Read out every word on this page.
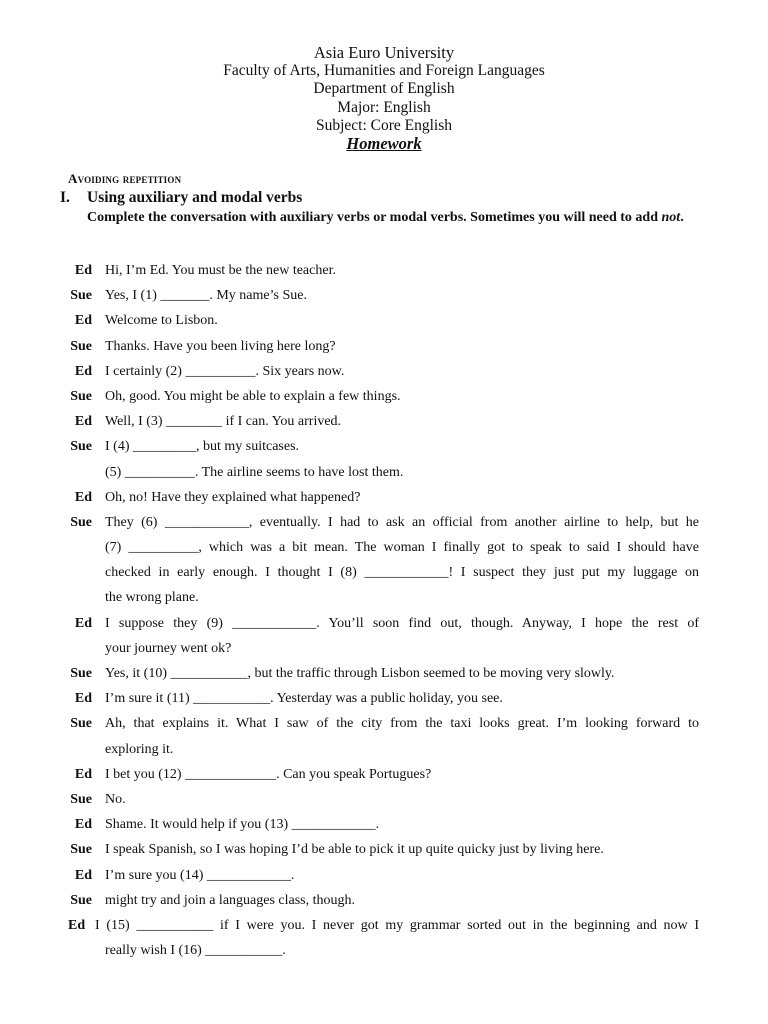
Asia Euro University
Faculty of Arts, Humanities and Foreign Languages
Department of English
Major: English
Subject: Core English
Homework
Avoiding repetition
I. Using auxiliary and modal verbs
Complete the conversation with auxiliary verbs or modal verbs. Sometimes you will need to add not.
Ed Hi, I’m Ed. You must be the new teacher.
Sue Yes, I (1) _______. My name’s Sue.
Ed Welcome to Lisbon.
Sue Thanks. Have you been living here long?
Ed I certainly (2) __________. Six years now.
Sue Oh, good. You might be able to explain a few things.
Ed Well, I (3) ________ if I can. You arrived.
Sue I (4) _________, but my suitcases.
(5) __________. The airline seems to have lost them.
Ed Oh, no! Have they explained what happened?
Sue They (6) ____________, eventually. I had to ask an official from another airline to help, but he
(7) __________, which was a bit mean. The woman I finally got to speak to said I should have
checked in early enough. I thought I (8) ____________! I suspect they just put my luggage on
the wrong plane.
Ed I suppose they (9) ____________. You’ll soon find out, though. Anyway, I hope the rest of
your journey went ok?
Sue Yes, it (10) ___________, but the traffic through Lisbon seemed to be moving very slowly.
Ed I’m sure it (11) ___________. Yesterday was a public holiday, you see.
Sue Ah, that explains it. What I saw of the city from the taxi looks great. I’m looking forward to
exploring it.
Ed I bet you (12) _____________. Can you speak Portugues?
Sue No.
Ed Shame. It would help if you (13) ____________.
Sue I speak Spanish, so I was hoping I’d be able to pick it up quite quicky just by living here.
Ed I’m sure you (14) ____________.
Sue might try and join a languages class, though.
Ed I (15) ___________ if I were you. I never got my grammar sorted out in the beginning and now I
really wish I (16) ___________.
